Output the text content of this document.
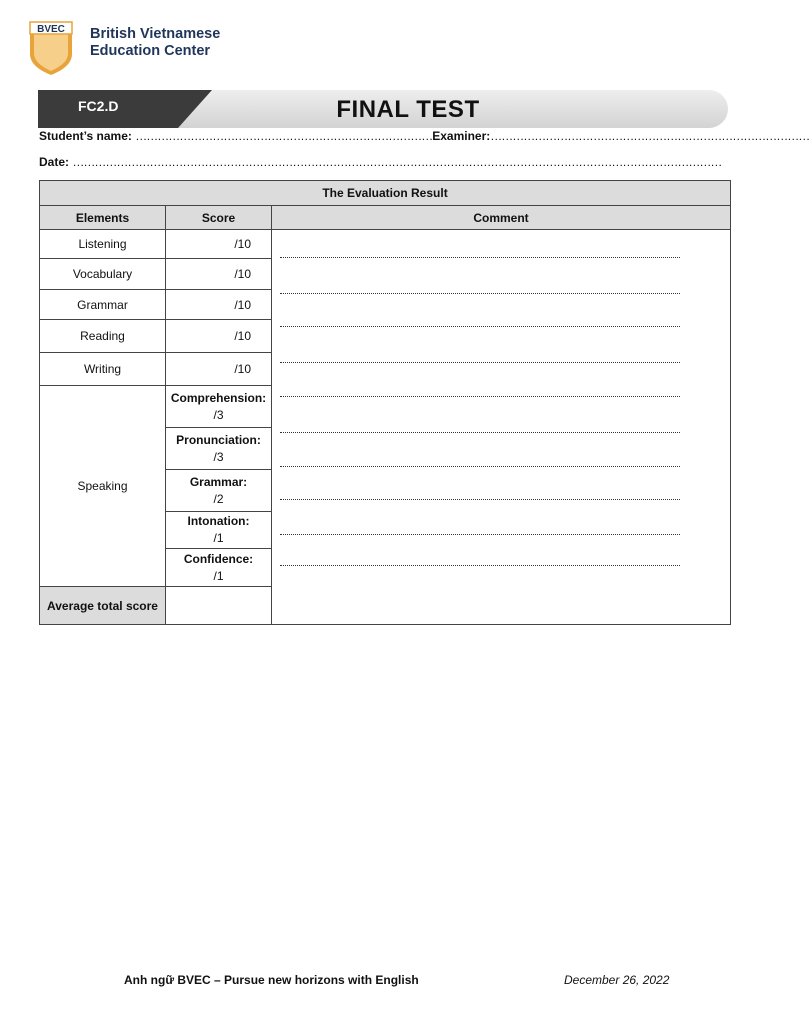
BVEC British Vietnamese
Education Center
FC2.D	FINAL TEST
Student’s name: ………………………………………………………………………Examiner:……………………………………………………………………………
Date: ……………………………………………………………………………………………………………………………………………………………
The Evaluation Result		
Elements	Score	Comment
Listening	/10	

Vocabulary	/10	
Grammar	/10	
Reading	/10	
Writing	/10	
Speaking	Comprehension:
/3	

	Pronunciation:
/3	

	Grammar:
/2	

	Intonation:
/1	

	Confidence:
/1	

Average total score		
Anh ngữ BVEC – Pursue new horizons with English	December 26, 2022
